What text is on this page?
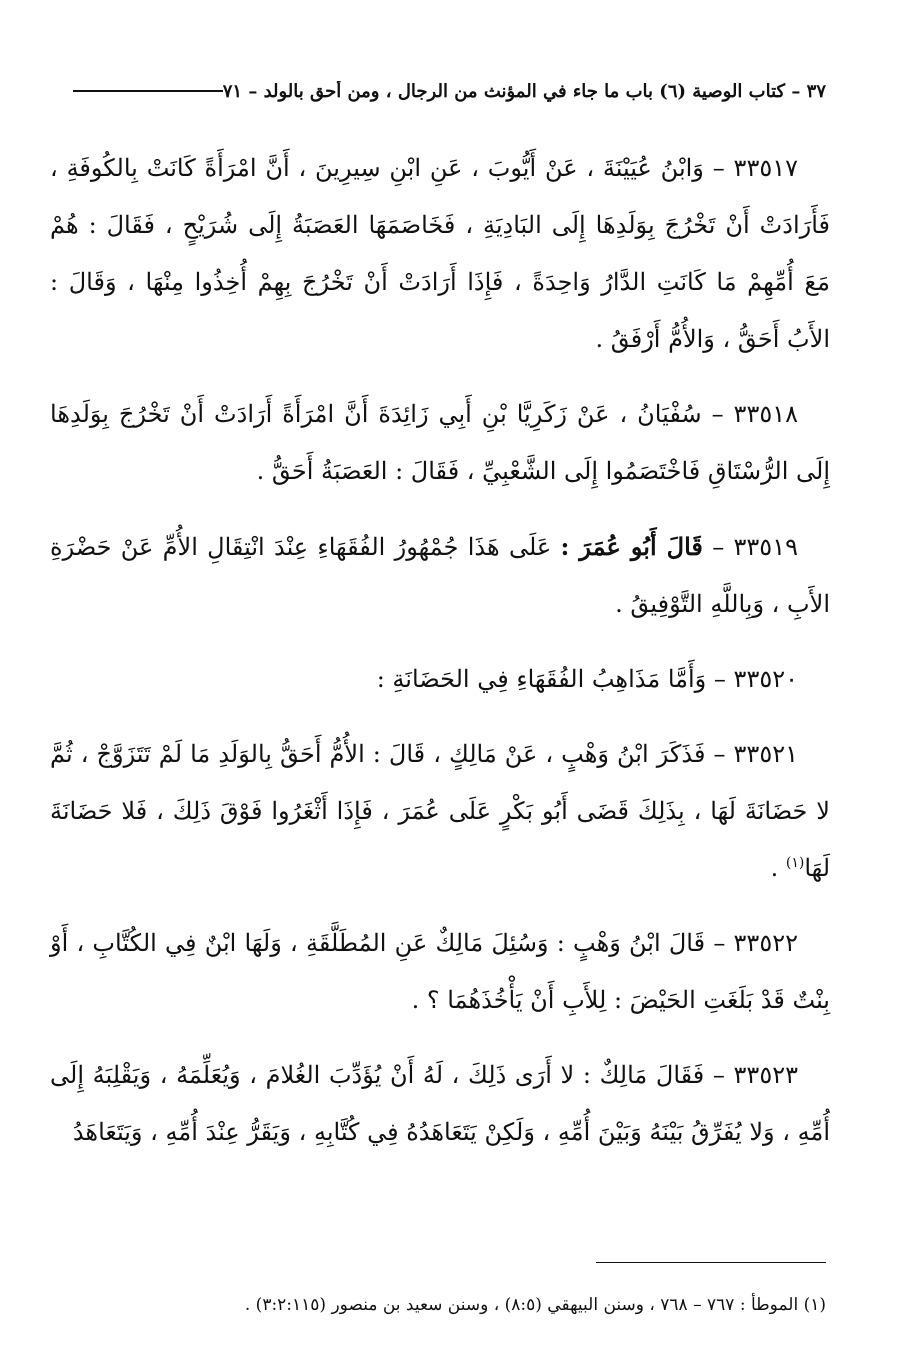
٣٧ – كتاب الوصية (٦) باب ما جاء في المؤنث من الرجال ، ومن أحق بالولد – ٧١

٣٣٥١٧ – وَابْنُ عُيَيْنَةَ ، عَنْ أَيُّوبَ ، عَنِ ابْنِ سِيرِينَ ، أَنَّ امْرَأَةً كَانَتْ بِالكُوفَةِ ، فَأَرَادَتْ أَنْ تَخْرُجَ بِوَلَدِهَا إِلَى البَادِيَةِ ، فَخَاصَمَهَا العَصَبَةُ إِلَى شُرَيْحٍ ، فَقَالَ : هُمْ مَعَ أُمِّهِمْ مَا كَانَتِ الدَّارُ وَاحِدَةً ، فَإِذَا أَرَادَتْ أَنْ تَخْرُجَ بِهِمْ أُخِذُوا مِنْهَا ، وَقَالَ : الأَبُ أَحَقُّ ، وَالأُمُّ أَرْفَقُ .

٣٣٥١٨ – سُفْيَانُ ، عَنْ زَكَرِيَّا بْنِ أَبِي زَائِدَةَ أَنَّ امْرَأَةً أَرَادَتْ أَنْ تَخْرُجَ بِوَلَدِهَا إِلَى الرُّسْتَاقِ فَاخْتَصَمُوا إِلَى الشَّعْبِيِّ ، فَقَالَ : العَصَبَةُ أَحَقُّ .

٣٣٥١٩ – قَالَ أَبُو عُمَرَ : عَلَى هَذَا جُمْهُورُ الفُقَهَاءِ عِنْدَ انْتِقَالِ الأُمِّ عَنْ حَضْرَةِ الأَبِ ، وَبِاللَّهِ التَّوْفِيقُ .

٣٣٥٢٠ – وَأَمَّا مَذَاهِبُ الفُقَهَاءِ فِي الحَضَانَةِ :

٣٣٥٢١ – فَذَكَرَ ابْنُ وَهْبٍ ، عَنْ مَالِكٍ ، قَالَ : الأُمُّ أَحَقُّ بِالوَلَدِ مَا لَمْ تَتَزَوَّجْ ، ثُمَّ لا حَضَانَةَ لَهَا ، بِذَلِكَ قَضَى أَبُو بَكْرٍ عَلَى عُمَرَ ، فَإِذَا أَثْغَرُوا فَوْقَ ذَلِكَ ، فَلا حَضَانَةَ لَهَا$^{(١)}$ .

٣٣٥٢٢ – قَالَ ابْنُ وَهْبٍ : وَسُئِلَ مَالِكٌ عَنِ المُطَلَّقَةِ ، وَلَهَا ابْنٌ فِي الكُتَّابِ ، أَوْ بِنْتٌ قَدْ بَلَغَتِ الحَيْضَ : لِلأَبِ أَنْ يَأْخُذَهُمَا ؟ .

٣٣٥٢٣ – فَقَالَ مَالِكٌ : لا أَرَى ذَلِكَ ، لَهُ أَنْ يُؤَدِّبَ الغُلامَ ، وَيُعَلِّمَهُ ، وَيَقْلِبَهُ إِلَى أُمِّهِ ، وَلا يُفَرِّقُ بَيْنَهُ وَبَيْنَ أُمِّهِ ، وَلَكِنْ يَتَعَاهَدُهُ فِي كُتَّابِهِ ، وَيَقَرُّ عِنْدَ أُمِّهِ ، وَيَتَعَاهَدُ

(١) الموطأ : ٧٦٧ – ٧٦٨ ، وسنن البيهقي (٨:٥) ، وسنن سعيد بن منصور (٣:٢:١١٥) .
